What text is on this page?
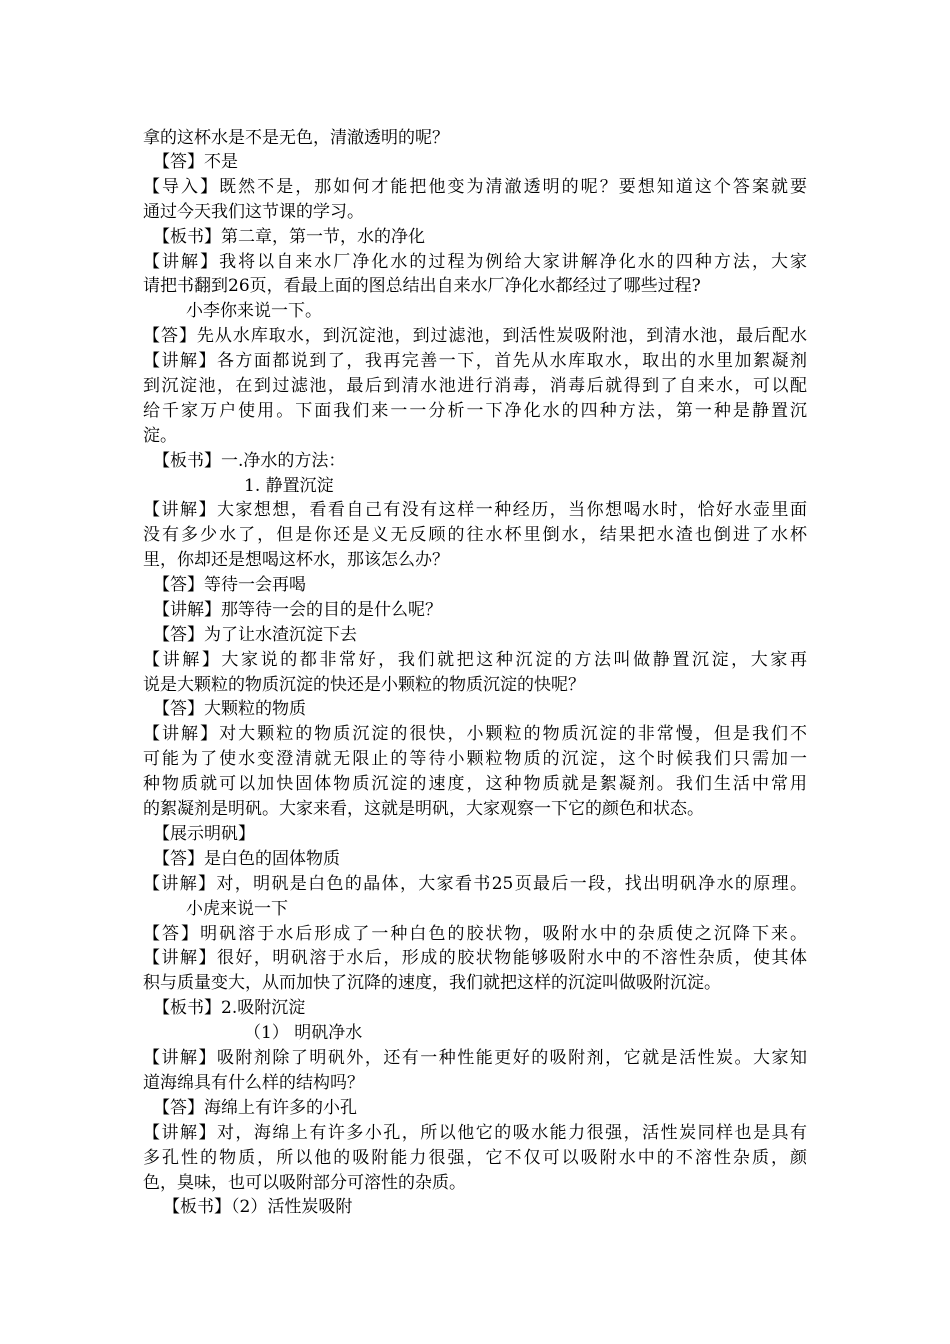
拿的这杯水是不是无色，清澈透明的呢？
【答】不是
【导入】既然不是，那如何才能把他变为清澈透明的呢？要想知道这个答案就要
通过今天我们这节课的学习。
【板书】第二章，第一节，水的净化
【讲解】我将以自来水厂净化水的过程为例给大家讲解净化水的四种方法，大家
请把书翻到26页，看最上面的图总结出自来水厂净化水都经过了哪些过程?
小李你来说一下。
【答】先从水库取水，到沉淀池，到过滤池，到活性炭吸附池，到清水池，最后配水
【讲解】各方面都说到了，我再完善一下，首先从水库取水，取出的水里加絮凝剂
到沉淀池，在到过滤池，最后到清水池进行消毒，消毒后就得到了自来水，可以配
给千家万户使用。下面我们来一一分析一下净化水的四种方法，第一种是静置沉
淀。
【板书】一.净水的方法：
1. 静置沉淀
【讲解】大家想想，看看自己有没有这样一种经历，当你想喝水时，恰好水壶里面
没有多少水了，但是你还是义无反顾的往水杯里倒水，结果把水渣也倒进了水杯
里，你却还是想喝这杯水，那该怎么办？
【答】等待一会再喝
【讲解】那等待一会的目的是什么呢？
【答】为了让水渣沉淀下去
【讲解】大家说的都非常好，我们就把这种沉淀的方法叫做静置沉淀，大家再
说是大颗粒的物质沉淀的快还是小颗粒的物质沉淀的快呢？
【答】大颗粒的物质
【讲解】对大颗粒的物质沉淀的很快，小颗粒的物质沉淀的非常慢，但是我们不
可能为了使水变澄清就无限止的等待小颗粒物质的沉淀，这个时候我们只需加一
种物质就可以加快固体物质沉淀的速度，这种物质就是絮凝剂。我们生活中常用
的絮凝剂是明矾。大家来看，这就是明矾，大家观察一下它的颜色和状态。
【展示明矾】
【答】是白色的固体物质
【讲解】对，明矾是白色的晶体，大家看书25页最后一段，找出明矾净水的原理。
小虎来说一下
【答】明矾溶于水后形成了一种白色的胶状物，吸附水中的杂质使之沉降下来。
【讲解】很好，明矾溶于水后，形成的胶状物能够吸附水中的不溶性杂质，使其体
积与质量变大，从而加快了沉降的速度，我们就把这样的沉淀叫做吸附沉淀。
【板书】2.吸附沉淀
（1） 明矾净水
【讲解】吸附剂除了明矾外，还有一种性能更好的吸附剂，它就是活性炭。大家知
道海绵具有什么样的结构吗？
【答】海绵上有许多的小孔
【讲解】对，海绵上有许多小孔，所以他它的吸水能力很强，活性炭同样也是具有
多孔性的物质，所以他的吸附能力很强，它不仅可以吸附水中的不溶性杂质，颜
色，臭味，也可以吸附部分可溶性的杂质。
【板书】（2）活性炭吸附
